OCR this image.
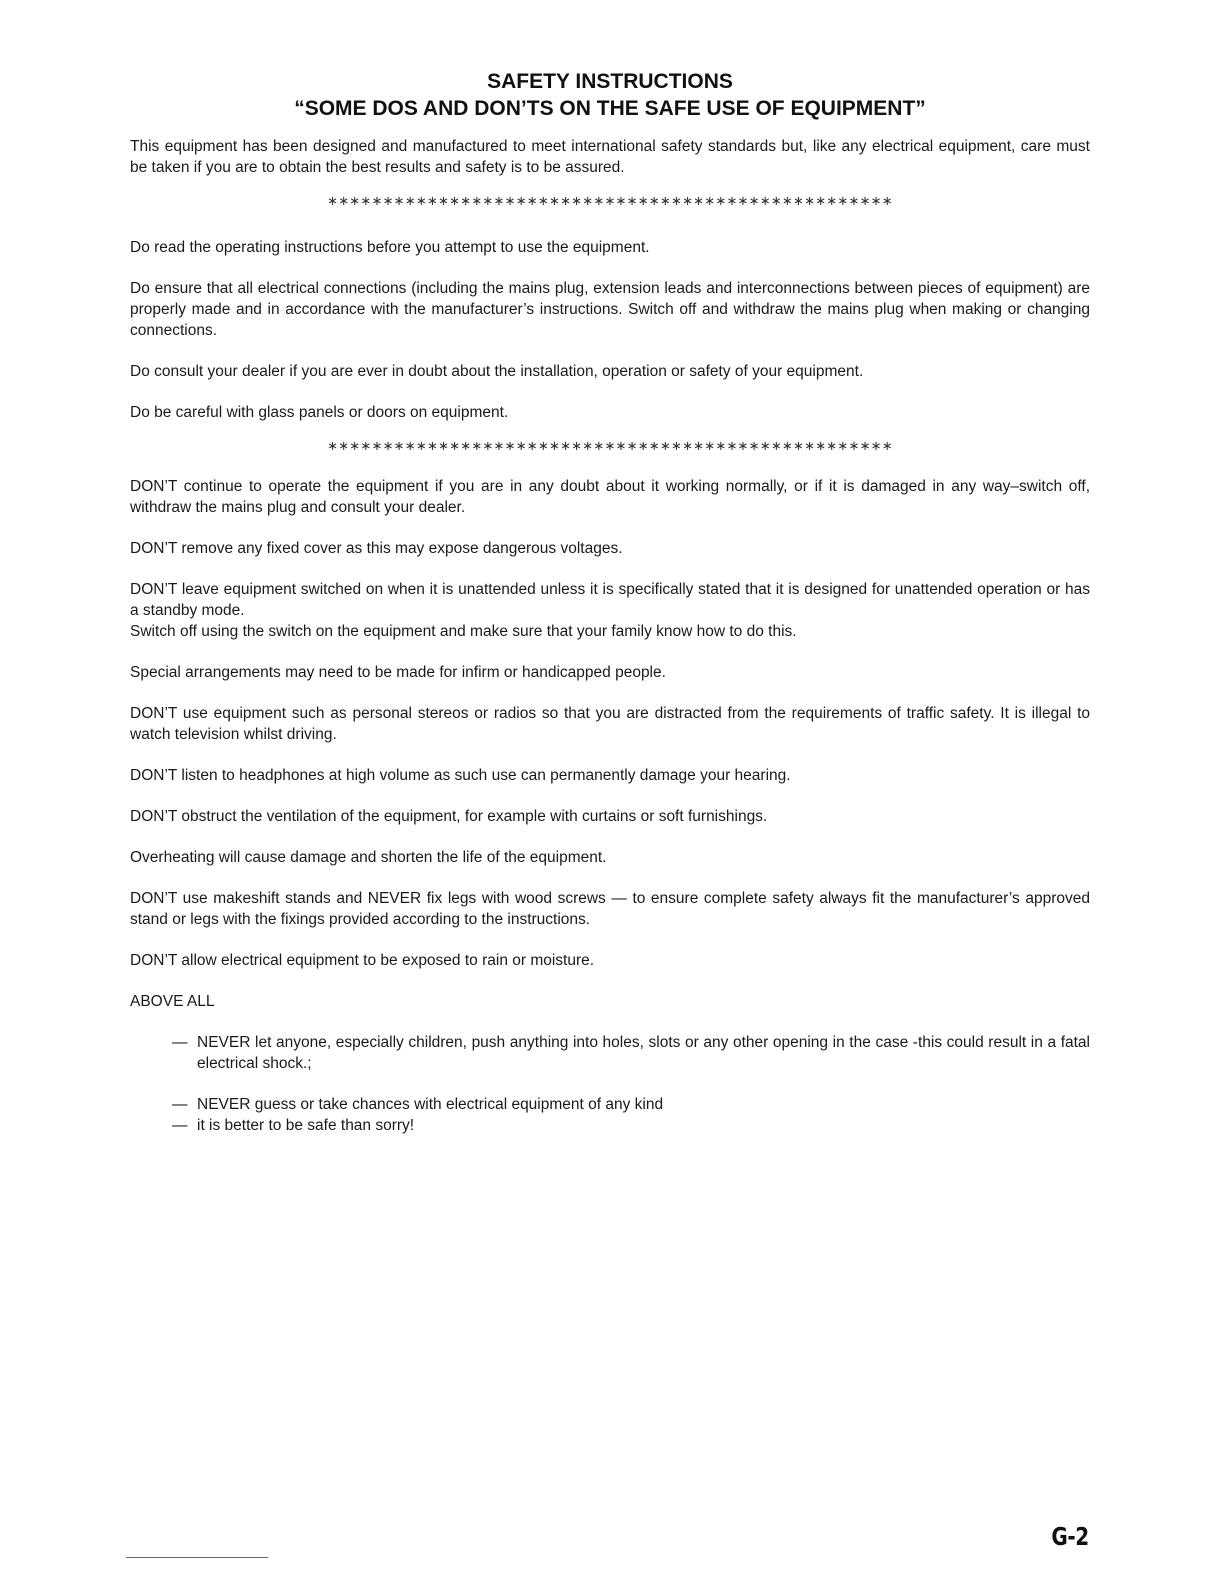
SAFETY INSTRUCTIONS
“SOME DOS AND DON’TS ON THE SAFE USE OF EQUIPMENT”

This equipment has been designed and manufactured to meet international safety standards but, like any electrical equipment, care must be taken if you are to obtain the best results and safety is to be assured.

∗∗∗∗∗∗∗∗∗∗∗∗∗∗∗∗∗∗∗∗∗∗∗∗∗∗∗∗∗∗∗∗∗∗∗∗∗∗∗∗∗∗∗∗∗∗∗∗∗∗∗

Do read the operating instructions before you attempt to use the equipment.

Do ensure that all electrical connections (including the mains plug, extension leads and interconnections between pieces of equipment) are properly made and in accordance with the manufacturer’s instructions. Switch off and withdraw the mains plug when making or changing connections.

Do consult your dealer if you are ever in doubt about the installation, operation or safety of your equipment.

Do be careful with glass panels or doors on equipment.

∗∗∗∗∗∗∗∗∗∗∗∗∗∗∗∗∗∗∗∗∗∗∗∗∗∗∗∗∗∗∗∗∗∗∗∗∗∗∗∗∗∗∗∗∗∗∗∗∗∗∗

DON’T continue to operate the equipment if you are in any doubt about it working normally, or if it is damaged in any way–switch off, withdraw the mains plug and consult your dealer.

DON’T remove any fixed cover as this may expose dangerous voltages.

DON’T leave equipment switched on when it is unattended unless it is specifically stated that it is designed for unattended operation or has a standby mode.
Switch off using the switch on the equipment and make sure that your family know how to do this.

Special arrangements may need to be made for infirm or handicapped people.

DON’T use equipment such as personal stereos or radios so that you are distracted from the requirements of traffic safety. It is illegal to watch television whilst driving.

DON’T listen to headphones at high volume as such use can permanently damage your hearing.

DON’T obstruct the ventilation of the equipment, for example with curtains or soft furnishings.

Overheating will cause damage and shorten the life of the equipment.

DON’T use makeshift stands and NEVER fix legs with wood screws — to ensure complete safety always fit the manufacturer’s approved stand or legs with the fixings provided according to the instructions.

DON’T allow electrical equipment to be exposed to rain or moisture.

ABOVE ALL

— NEVER let anyone, especially children, push anything into holes, slots or any other opening in the case -this could result in a fatal electrical shock.;
— NEVER guess or take chances with electrical equipment of any kind
— it is better to be safe than sorry!
G-2
